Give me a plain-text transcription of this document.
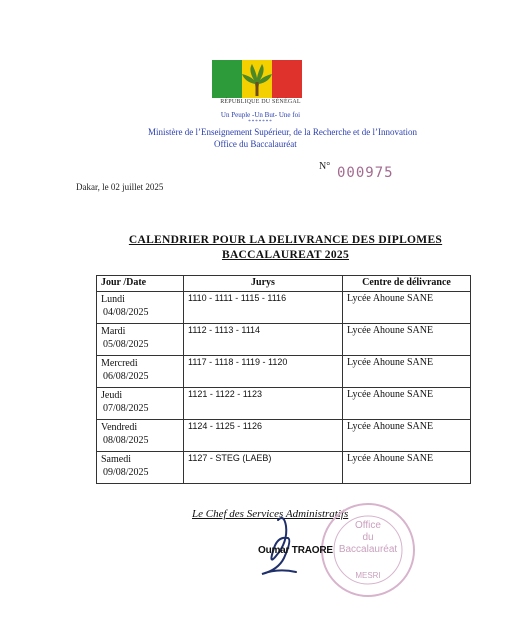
RÉPUBLIQUE DU SÉNÉGAL
Un Peuple -Un But- Une foi
*******
Ministère de l’Enseignement Supérieur, de la Recherche et de l’Innovation
Office du Baccalauréat
N° 000975
Dakar, le 02 juillet 2025
CALENDRIER POUR LA DELIVRANCE DES DIPLOMES
BACCALAUREAT 2025
Jour /Date	Jurys	Centre de délivrance

Lundi
04/08/2025	1110 - 1111 - 1115 - 1116	Lycée Ahoune SANE

Mardi
05/08/2025	1112 - 1113 - 1114	Lycée Ahoune SANE

Mercredi
06/08/2025	1117 - 1118 - 1119 - 1120	Lycée Ahoune SANE

Jeudi
07/08/2025	1121 - 1122 - 1123	Lycée Ahoune SANE

Vendredi
08/08/2025	1124 - 1125 - 1126	Lycée Ahoune SANE

Samedi
09/08/2025	1127 - STEG (LAEB)	Lycée Ahoune SANE
Le Chef des Services Administratifs
Office
du
Baccalauréat
MESRI
Oumar TRAORE
